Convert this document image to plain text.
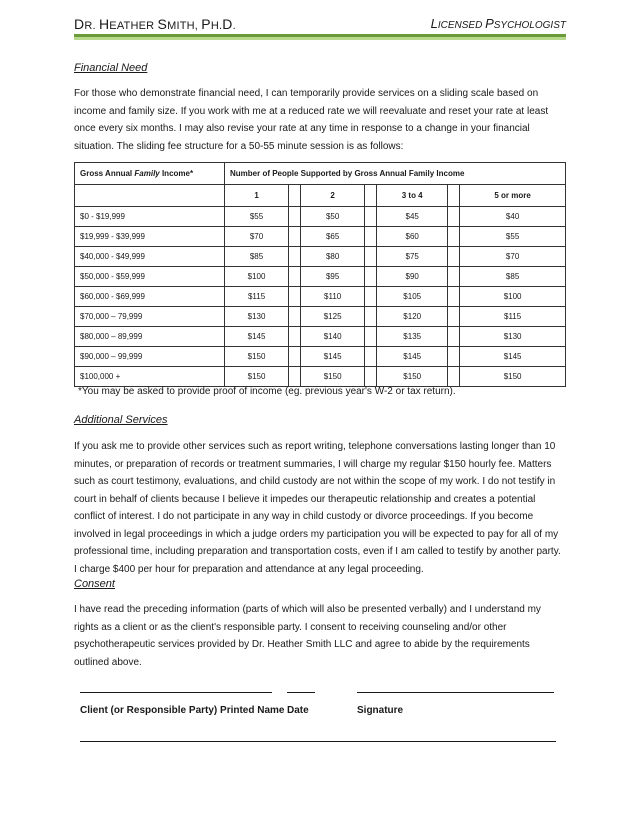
DR. HEATHER SMITH, PH.D.	LICENSED PSYCHOLOGIST
Financial Need
For those who demonstrate financial need, I can temporarily provide services on a sliding scale based on income and family size. If you work with me at a reduced rate we will reevaluate and reset your rate at least once every six months. I may also revise your rate at any time in response to a change in your financial situation. The sliding fee structure for a 50-55 minute session is as follows:
Gross Annual Family Income*	Number of People Supported by Gross Annual Family Income						
	1		2		3 to 4		5 or more
$0 - $19,999	$55		$50		$45		$40
$19,999 - $39,999	$70		$65		$60		$55
$40,000 - $49,999	$85		$80		$75		$70
$50,000 - $59,999	$100		$95		$90		$85
$60,000 - $69,999	$115		$110		$105		$100
$70,000 – 79,999	$130		$125		$120		$115
$80,000 – 89,999	$145		$140		$135		$130
$90,000 – 99,999	$150		$145		$145		$145
$100,000 +	$150		$150		$150		$150
*You may be asked to provide proof of income (eg. previous year's W-2 or tax return).
Additional Services
If you ask me to provide other services such as report writing, telephone conversations lasting longer than 10 minutes, or preparation of records or treatment summaries, I will charge my regular $150 hourly fee. Matters such as court testimony, evaluations, and child custody are not within the scope of my work. I do not testify in court in behalf of clients because I believe it impedes our therapeutic relationship and creates a potential conflict of interest. I do not participate in any way in child custody or divorce proceedings. If you become involved in legal proceedings in which a judge orders my participation you will be expected to pay for all of my professional time, including preparation and transportation costs, even if I am called to testify by another party. I charge $400 per hour for preparation and attendance at any legal proceeding.
Consent
I have read the preceding information (parts of which will also be presented verbally) and I understand my rights as a client or as the client's responsible party. I consent to receiving counseling and/or other psychotherapeutic services provided by Dr. Heather Smith LLC and agree to abide by the requirements outlined above.
Client (or Responsible Party) Printed Name Date	Signature
